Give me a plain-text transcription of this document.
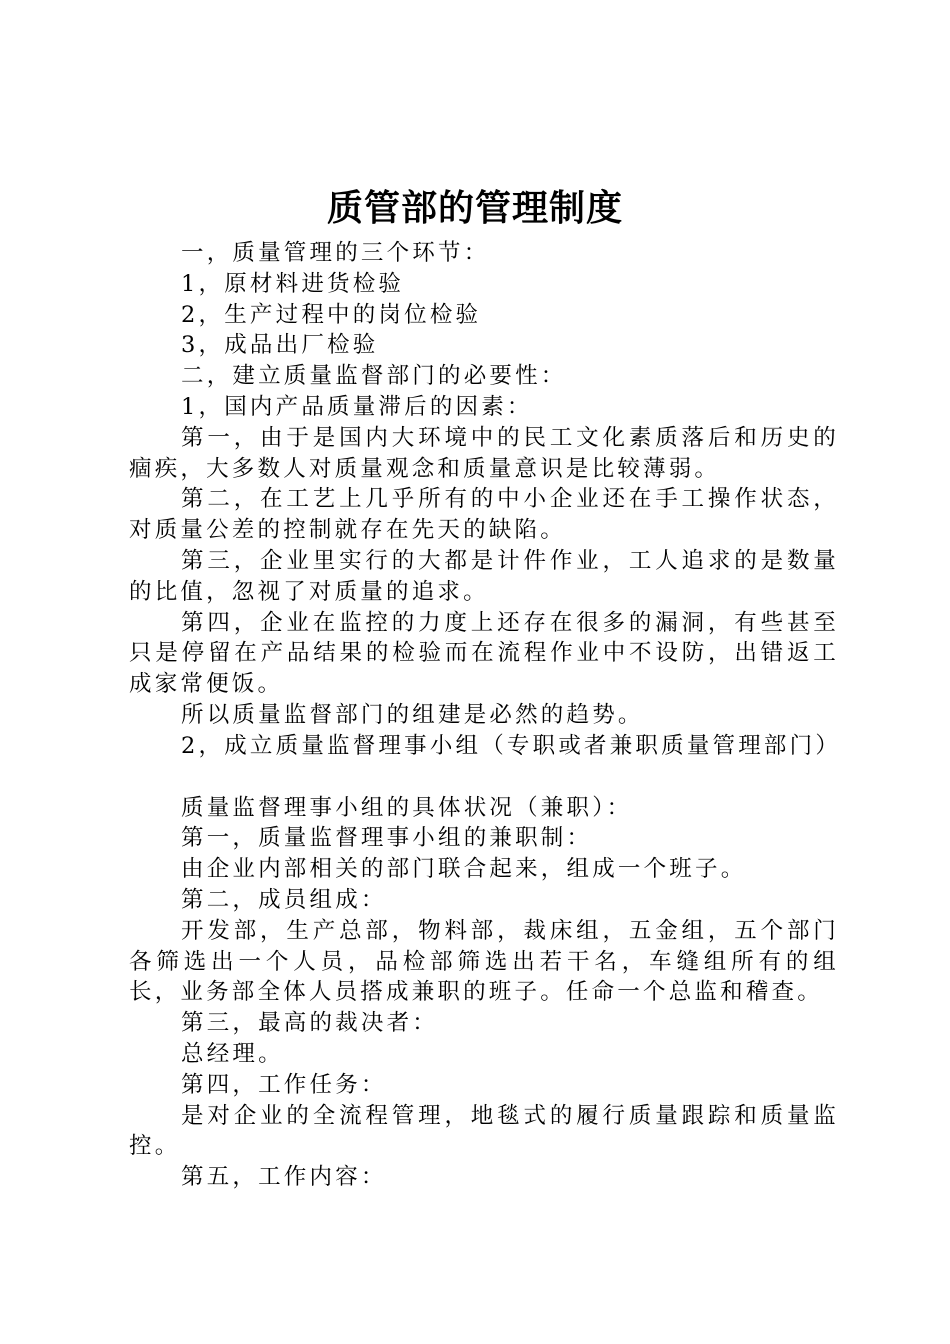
质管部的管理制度

一，质量管理的三个环节：

1，原材料进货检验

2，生产过程中的岗位检验

3，成品出厂检验

二，建立质量监督部门的必要性：

1，国内产品质量滞后的因素：

第一，由于是国内大环境中的民工文化素质落后和历史的痼疾，大多数人对质量观念和质量意识是比较薄弱。

第二，在工艺上几乎所有的中小企业还在手工操作状态，对质量公差的控制就存在先天的缺陷。

第三，企业里实行的大都是计件作业，工人追求的是数量的比值，忽视了对质量的追求。

第四，企业在监控的力度上还存在很多的漏洞，有些甚至只是停留在产品结果的检验而在流程作业中不设防，出错返工成家常便饭。

所以质量监督部门的组建是必然的趋势。

2，成立质量监督理事小组（专职或者兼职质量管理部门）

质量监督理事小组的具体状况（兼职）：

第一，质量监督理事小组的兼职制：

由企业内部相关的部门联合起来，组成一个班子。

第二，成员组成：

开发部，生产总部，物料部，裁床组，五金组，五个部门各筛选出一个人员，品检部筛选出若干名，车缝组所有的组长，业务部全体人员搭成兼职的班子。任命一个总监和稽查。

第三，最高的裁决者：

总经理。

第四，工作任务：

是对企业的全流程管理，地毯式的履行质量跟踪和质量监控。

第五，工作内容：
